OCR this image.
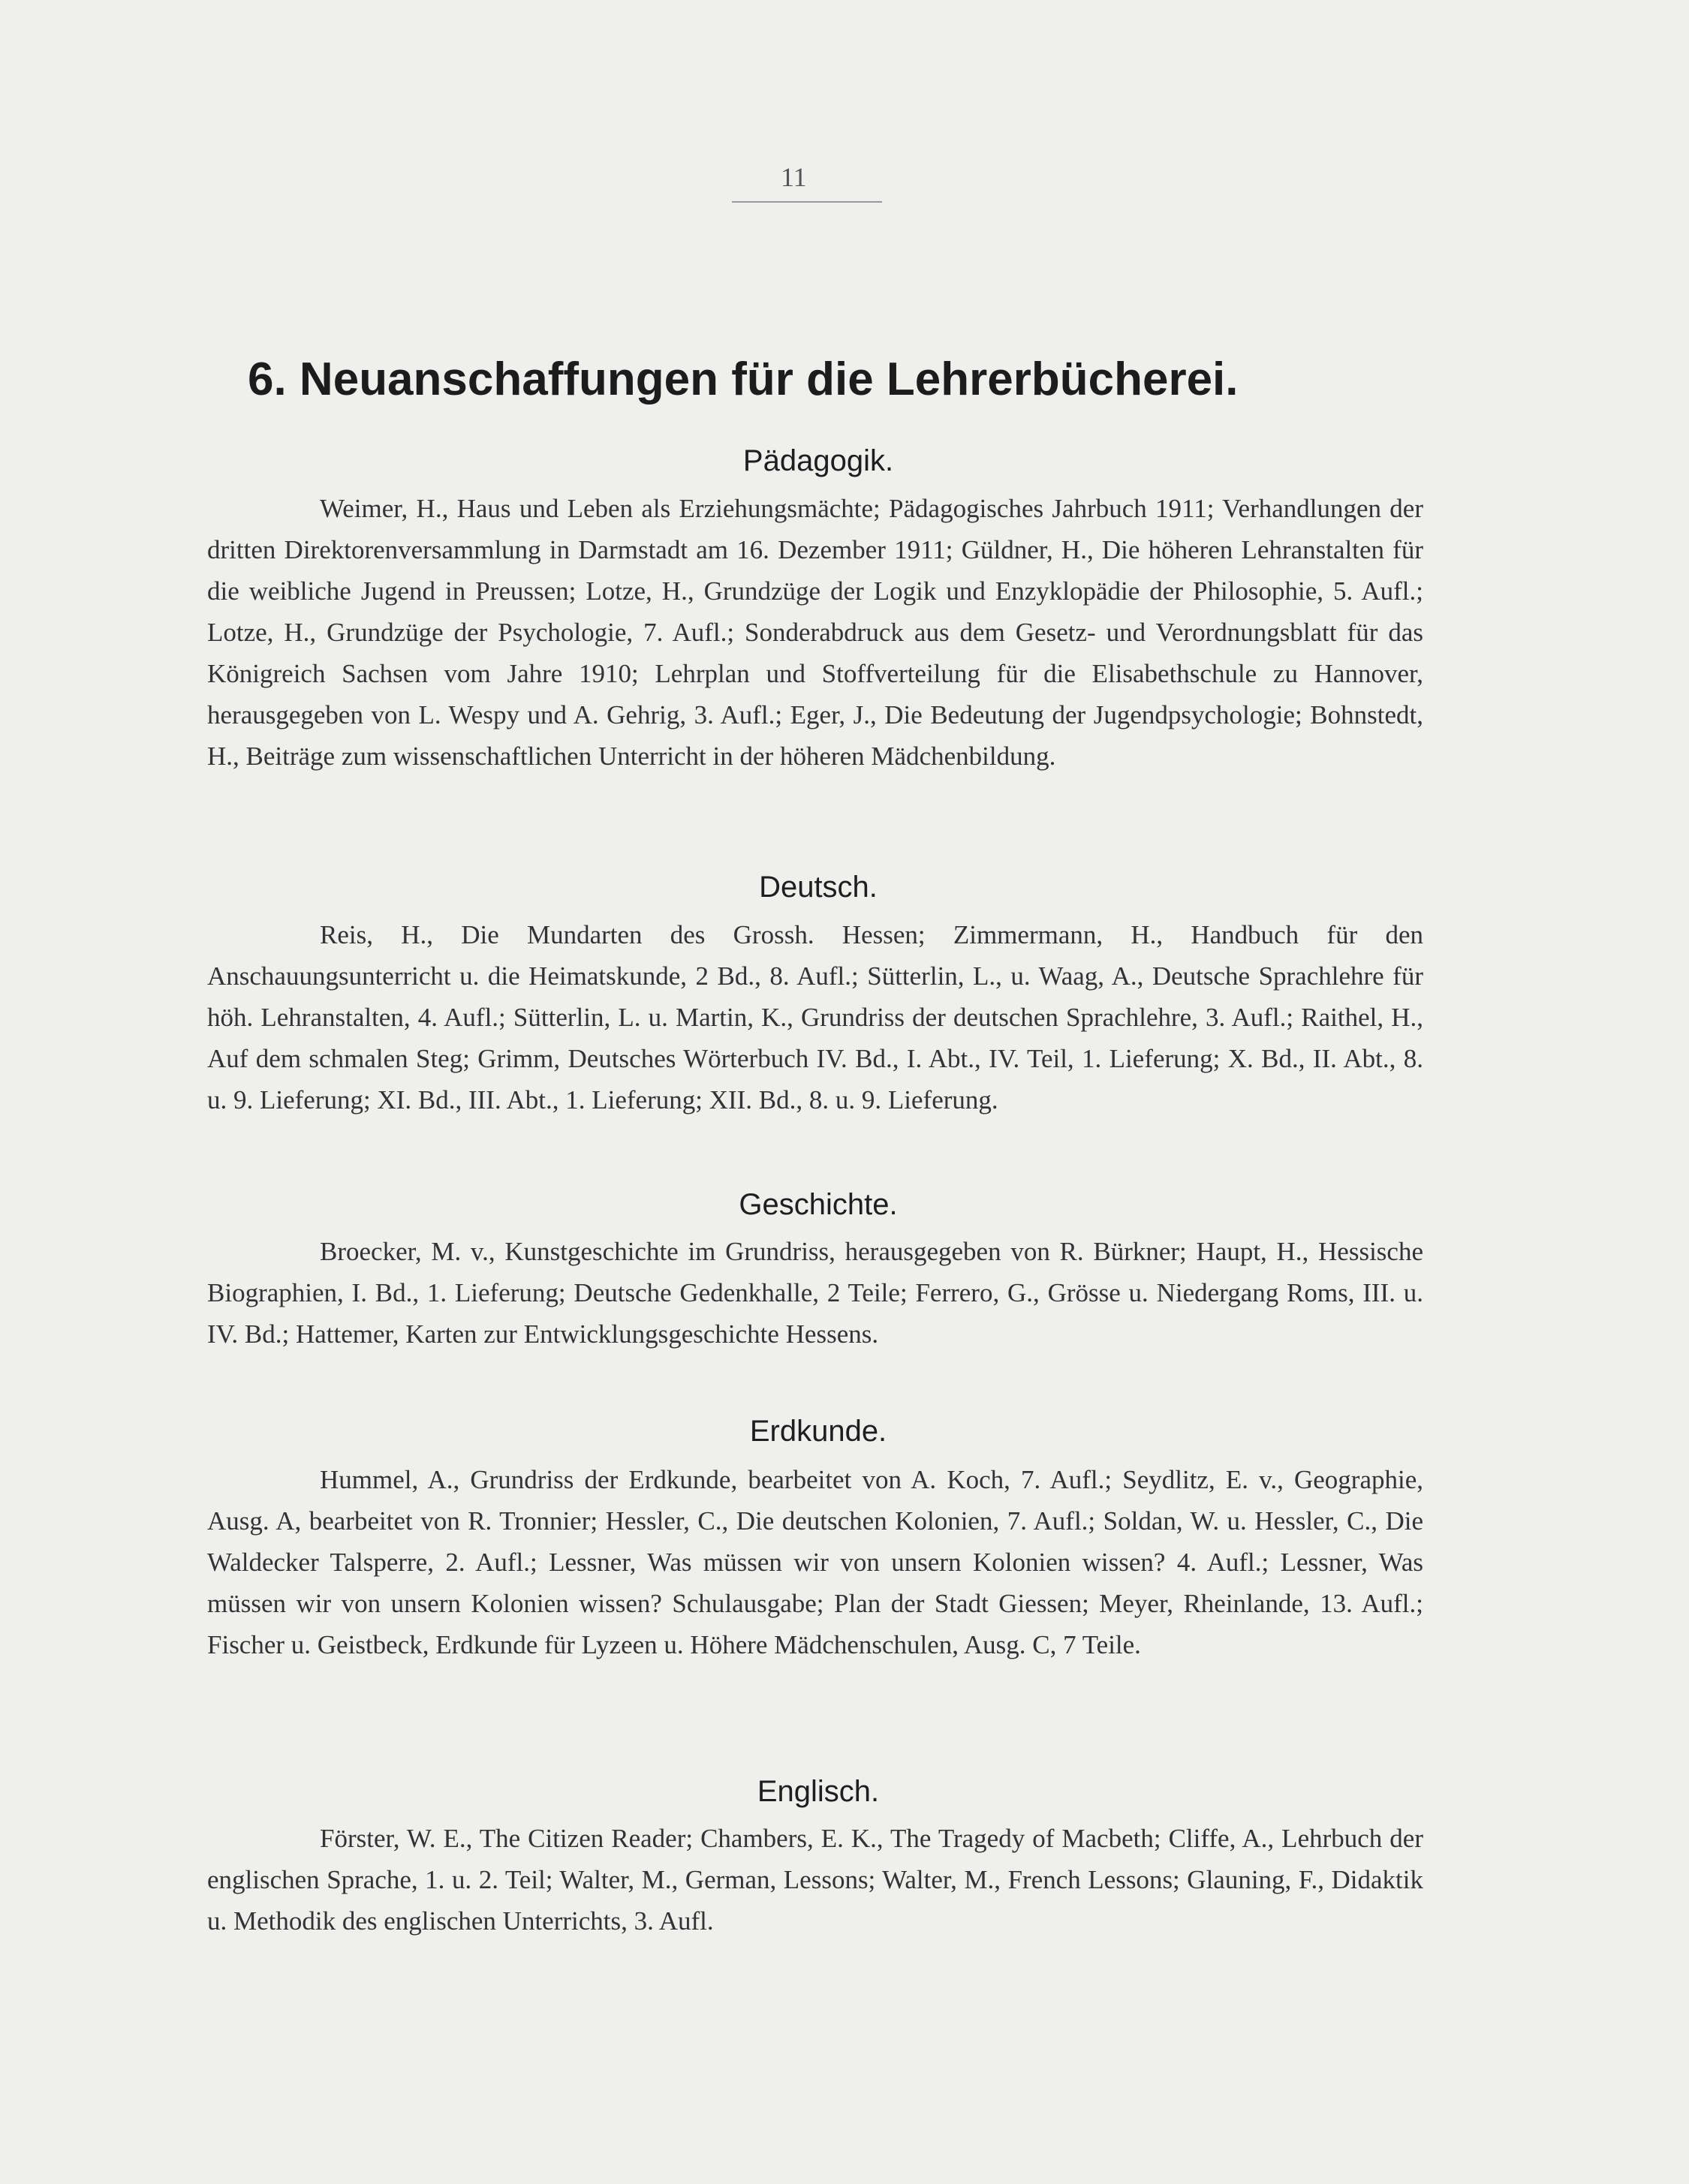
11
6. Neuanschaffungen für die Lehrerbücherei.
Pädagogik.

Weimer, H., Haus und Leben als Erziehungsmächte; Pädagogisches Jahrbuch 1911; Verhandlungen der dritten Direktorenversammlung in Darmstadt am 16. Dezember 1911; Güldner, H., Die höheren Lehranstalten für die weibliche Jugend in Preussen; Lotze, H., Grundzüge der Logik und Enzyklopädie der Philosophie, 5. Aufl.; Lotze, H., Grundzüge der Psychologie, 7. Aufl.; Sonderabdruck aus dem Gesetz- und Verordnungsblatt für das Königreich Sachsen vom Jahre 1910; Lehrplan und Stoffverteilung für die Elisabethschule zu Hannover, herausgegeben von L. Wespy und A. Gehrig, 3. Aufl.; Eger, J., Die Bedeutung der Jugendpsychologie; Bohnstedt, H., Beiträge zum wissenschaftlichen Unterricht in der höheren Mädchenbildung.

Deutsch.

Reis, H., Die Mundarten des Grossh. Hessen; Zimmermann, H., Handbuch für den Anschauungsunterricht u. die Heimatskunde, 2 Bd., 8. Aufl.; Sütterlin, L., u. Waag, A., Deutsche Sprachlehre für höh. Lehranstalten, 4. Aufl.; Sütterlin, L. u. Martin, K., Grundriss der deutschen Sprachlehre, 3. Aufl.; Raithel, H., Auf dem schmalen Steg; Grimm, Deutsches Wörterbuch IV. Bd., I. Abt., IV. Teil, 1. Lieferung; X. Bd., II. Abt., 8. u. 9. Lieferung; XI. Bd., III. Abt., 1. Lieferung; XII. Bd., 8. u. 9. Lieferung.

Geschichte.

Broecker, M. v., Kunstgeschichte im Grundriss, herausgegeben von R. Bürkner; Haupt, H., Hessische Biographien, I. Bd., 1. Lieferung; Deutsche Gedenkhalle, 2 Teile; Ferrero, G., Grösse u. Niedergang Roms, III. u. IV. Bd.; Hattemer, Karten zur Entwicklungsgeschichte Hessens.

Erdkunde.

Hummel, A., Grundriss der Erdkunde, bearbeitet von A. Koch, 7. Aufl.; Seydlitz, E. v., Geographie, Ausg. A, bearbeitet von R. Tronnier; Hessler, C., Die deutschen Kolonien, 7. Aufl.; Soldan, W. u. Hessler, C., Die Waldecker Talsperre, 2. Aufl.; Lessner, Was müssen wir von unsern Kolonien wissen? 4. Aufl.; Lessner, Was müssen wir von unsern Kolonien wissen? Schulausgabe; Plan der Stadt Giessen; Meyer, Rheinlande, 13. Aufl.; Fischer u. Geistbeck, Erdkunde für Lyzeen u. Höhere Mädchenschulen, Ausg. C, 7 Teile.

Englisch.

Förster, W. E., The Citizen Reader; Chambers, E. K., The Tragedy of Macbeth; Cliffe, A., Lehrbuch der englischen Sprache, 1. u. 2. Teil; Walter, M., German, Lessons; Walter, M., French Lessons; Glauning, F., Didaktik u. Methodik des englischen Unterrichts, 3. Aufl.
